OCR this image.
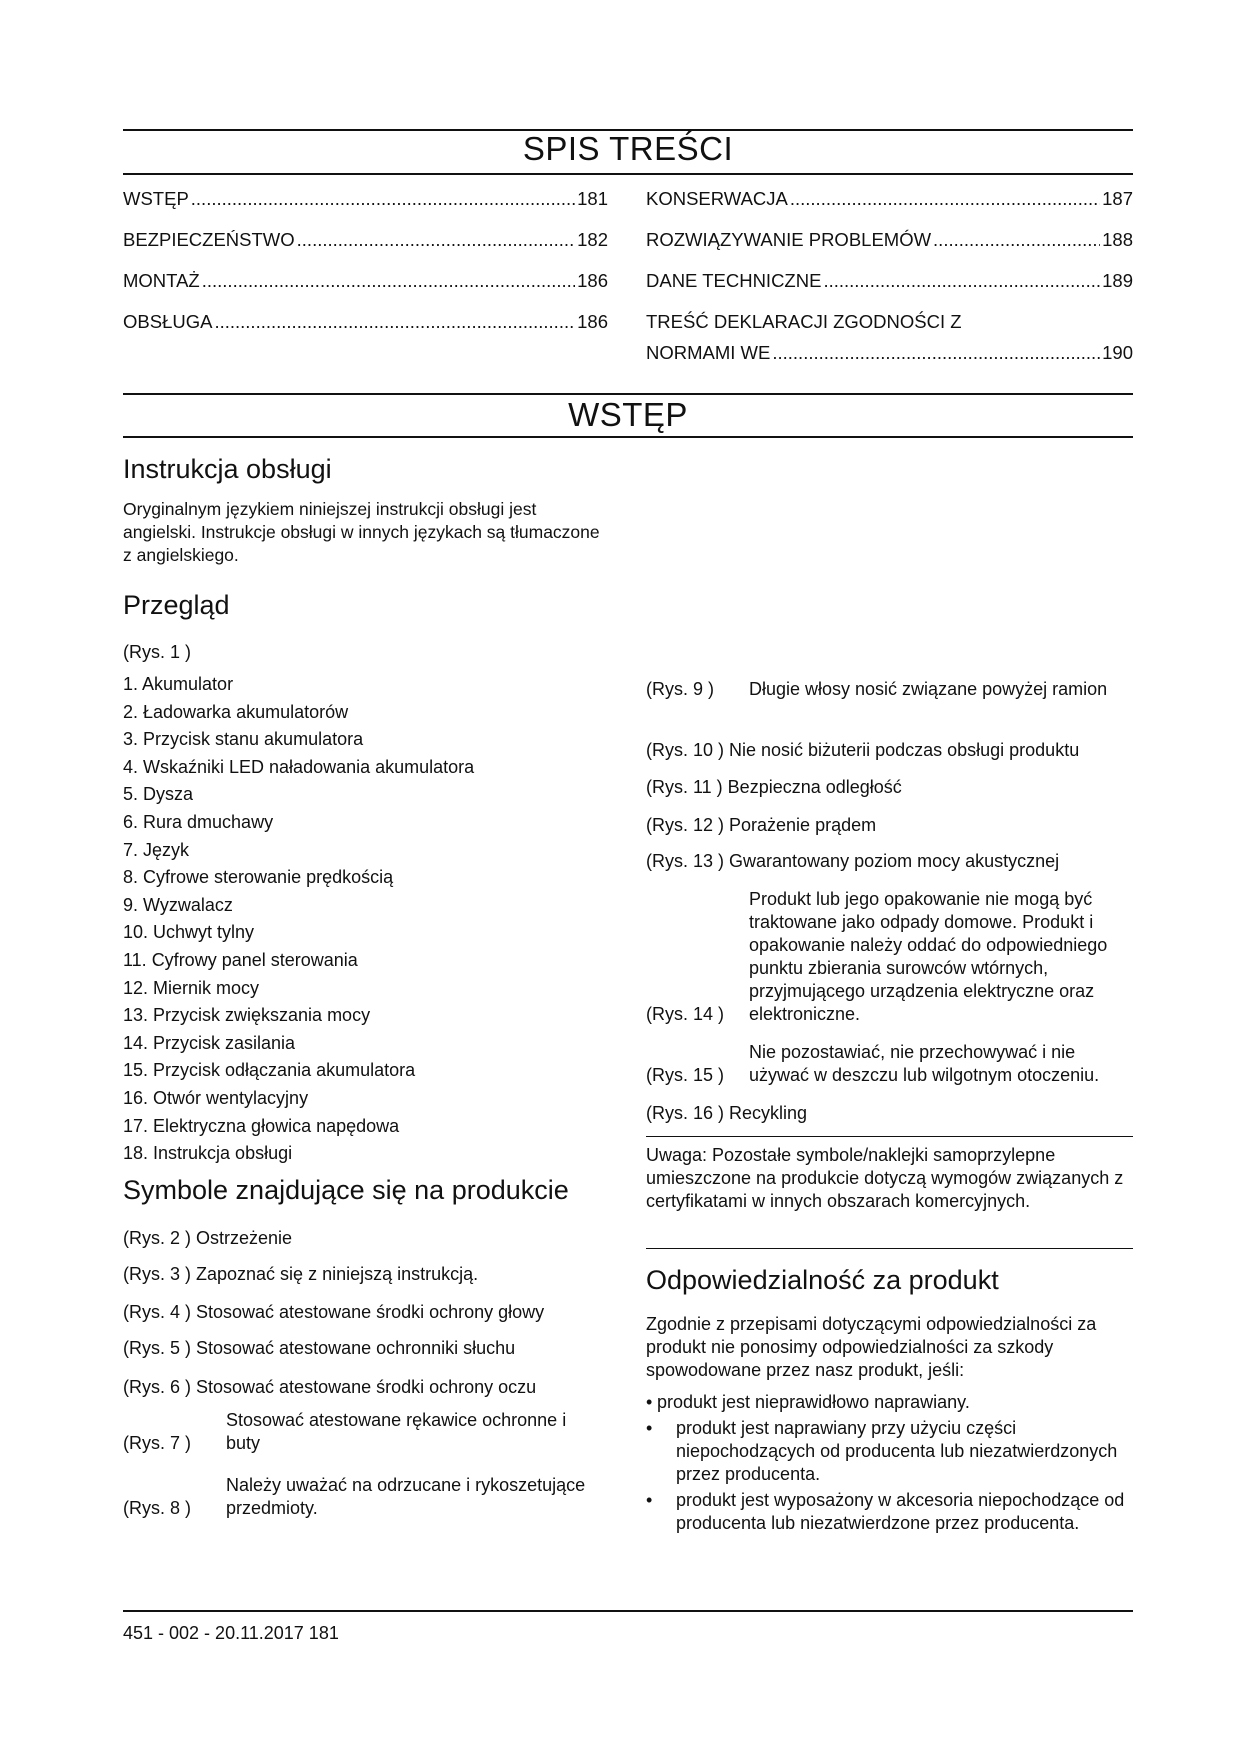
SPIS TREŚCI
WSTĘP .....	181
BEZPIECZEŃSTWO .....	182
MONTAŻ .....	186
OBSŁUGA .....	186
KONSERWACJA .....	187
ROZWIĄZYWANIE PROBLEMÓW .....	188
DANE TECHNICZNE .....	189
TREŚĆ DEKLARACJI ZGODNOŚCI Z
NORMAMI WE .....	190
WSTĘP
Instrukcja obsługi

Oryginalnym językiem niniejszej instrukcji obsługi jest angielski. Instrukcje obsługi w innych językach są tłumaczone z angielskiego.

Przegląd
(Rys. 1 )
1. Akumulator
2. Ładowarka akumulatorów
3. Przycisk stanu akumulatora
4. Wskaźniki LED naładowania akumulatora
5. Dysza
6. Rura dmuchawy
7. Język
8. Cyfrowe sterowanie prędkością
9. Wyzwalacz
10. Uchwyt tylny
11. Cyfrowy panel sterowania
12. Miernik mocy
13. Przycisk zwiększania mocy
14. Przycisk zasilania
15. Przycisk odłączania akumulatora
16. Otwór wentylacyjny
17. Elektryczna głowica napędowa
18. Instrukcja obsługi
Symbole znajdujące się na produkcie
(Rys. 2 ) Ostrzeżenie
(Rys. 3 ) Zapoznać się z niniejszą instrukcją.
(Rys. 4 ) Stosować atestowane środki ochrony głowy
(Rys. 5 ) Stosować atestowane ochronniki słuchu
(Rys. 6 ) Stosować atestowane środki ochrony oczu
(Rys. 7 )
Stosować atestowane rękawice ochronne i buty
(Rys. 8 )
Należy uważać na odrzucane i rykoszetujące przedmioty.
(Rys. 9 ) Długie włosy nosić związane powyżej ramion
(Rys. 10 ) Nie nosić biżuterii podczas obsługi produktu
(Rys. 11 ) Bezpieczna odległość
(Rys. 12 ) Porażenie prądem
(Rys. 13 ) Gwarantowany poziom mocy akustycznej
(Rys. 14 )
Produkt lub jego opakowanie nie mogą być traktowane jako odpady domowe. Produkt i opakowanie należy oddać do odpowiedniego punktu zbierania surowców wtórnych, przyjmującego urządzenia elektryczne oraz elektroniczne.
(Rys. 15 )
Nie pozostawiać, nie przechowywać i nie używać w deszczu lub wilgotnym otoczeniu.
(Rys. 16 ) Recykling
Uwaga: Pozostałe symbole/naklejki samoprzylepne umieszczone na produkcie dotyczą wymogów związanych z certyfikatami w innych obszarach komercyjnych.
Odpowiedzialność za produkt

Zgodnie z przepisami dotyczącymi odpowiedzialności za produkt nie ponosimy odpowiedzialności za szkody spowodowane przez nasz produkt, jeśli:

• produkt jest nieprawidłowo naprawiany.
• produkt jest naprawiany przy użyciu części niepochodzących od producenta lub niezatwierdzonych przez producenta.
• produkt jest wyposażony w akcesoria niepochodzące od producenta lub niezatwierdzone przez producenta.
451 - 002 - 20.11.2017 181
